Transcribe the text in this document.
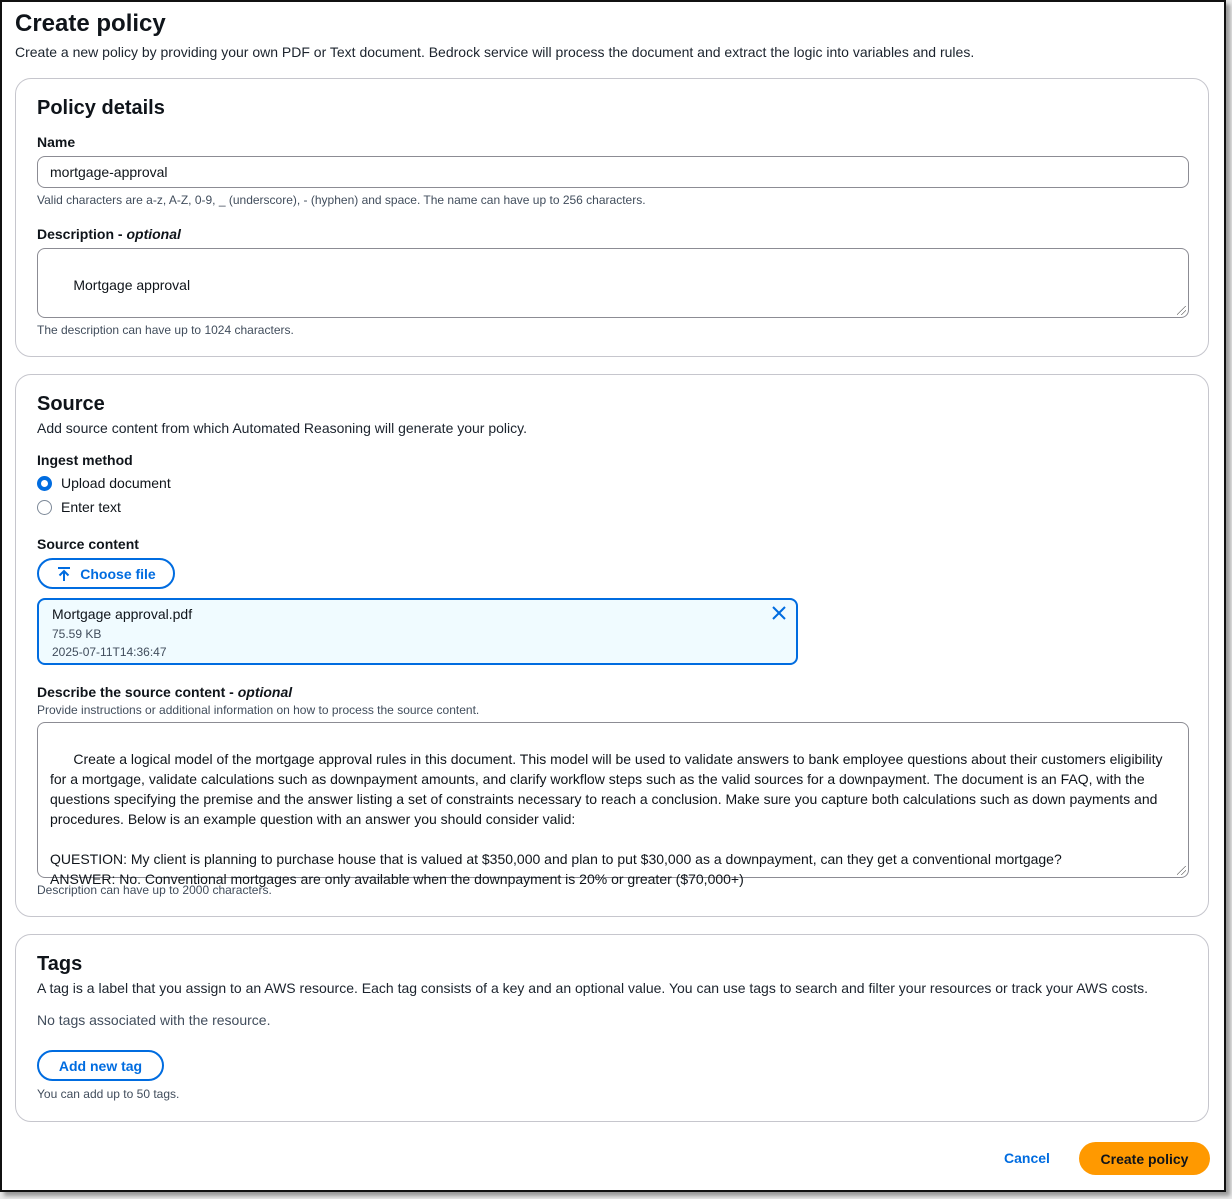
Create policy
Create a new policy by providing your own PDF or Text document. Bedrock service will process the document and extract the logic into variables and rules.
Policy details
Name
mortgage-approval
Valid characters are a-z, A-Z, 0-9, _ (underscore), - (hyphen) and space. The name can have up to 256 characters.
Description - optional

Mortgage approval

The description can have up to 1024 characters.
Source
Add source content from which Automated Reasoning will generate your policy.
Ingest method
Upload document
Enter text
Source content
Choose file
Mortgage approval.pdf
75.59 KB
2025-07-11T14:36:47
Describe the source content - optional
Provide instructions or additional information on how to process the source content.

Create a logical model of the mortgage approval rules in this document. This model will be used to validate answers to bank employee questions about their customers eligibility for a mortgage, validate calculations such as downpayment amounts, and clarify workflow steps such as the valid sources for a downpayment. The document is an FAQ, with the questions specifying the premise and the answer listing a set of constraints necessary to reach a conclusion. Make sure you capture both calculations such as down payments and procedures. Below is an example question with an answer you should consider valid:

QUESTION: My client is planning to purchase house that is valued at $350,000 and plan to put $30,000 as a downpayment, can they get a conventional mortgage?
ANSWER: No. Conventional mortgages are only available when the downpayment is 20% or greater ($70,000+)

Description can have up to 2000 characters.
Tags
A tag is a label that you assign to an AWS resource. Each tag consists of a key and an optional value. You can use tags to search and filter your resources or track your AWS costs.
No tags associated with the resource.
Add new tag
You can add up to 50 tags.
Cancel	Create policy
